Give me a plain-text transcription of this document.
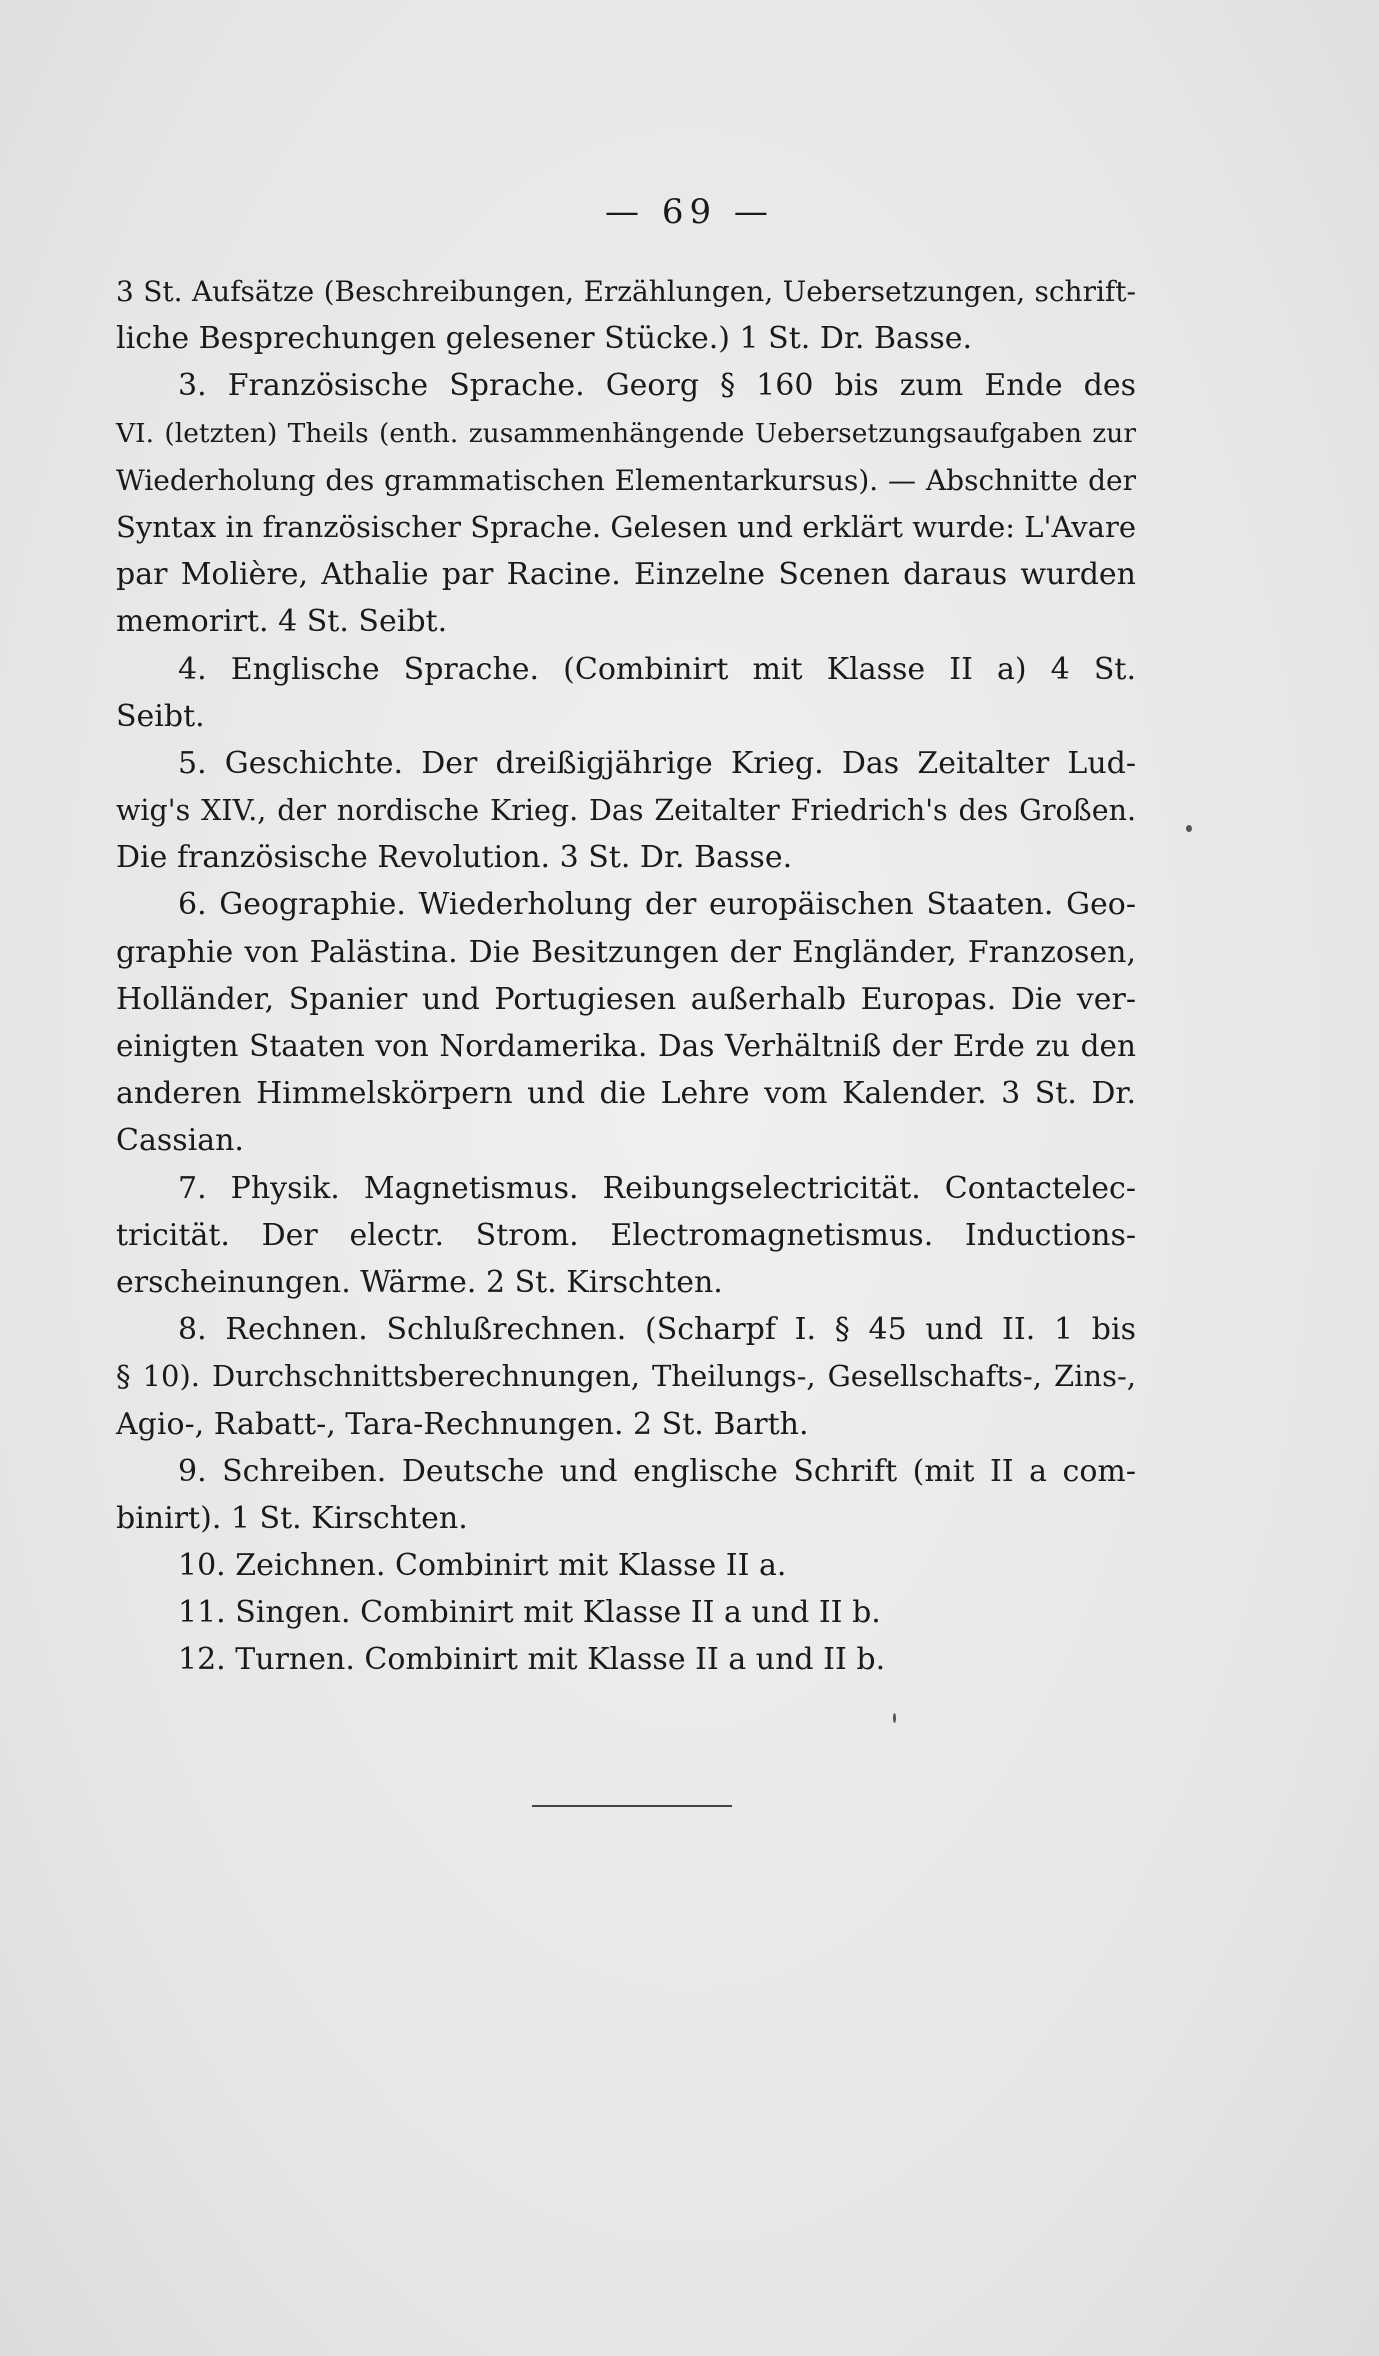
— 69 —
3 St. Aufsätze (Beschreibungen, Erzählungen, Uebersetzungen, schrift-
liche Besprechungen gelesener Stücke.) 1 St. Dr. Basse.
3. Französische Sprache. Georg § 160 bis zum Ende des
VI. (letzten) Theils (enth. zusammenhängende Uebersetzungsaufgaben zur
Wiederholung des grammatischen Elementarkursus). — Abschnitte der
Syntax in französischer Sprache. Gelesen und erklärt wurde: L'Avare
par Molière, Athalie par Racine. Einzelne Scenen daraus wurden
memorirt. 4 St. Seibt.
4. Englische Sprache. (Combinirt mit Klasse II a) 4 St.
Seibt.
5. Geschichte. Der dreißigjährige Krieg. Das Zeitalter Lud-
wig's XIV., der nordische Krieg. Das Zeitalter Friedrich's des Großen.
Die französische Revolution. 3 St. Dr. Basse.
6. Geographie. Wiederholung der europäischen Staaten. Geo-
graphie von Palästina. Die Besitzungen der Engländer, Franzosen,
Holländer, Spanier und Portugiesen außerhalb Europas. Die ver-
einigten Staaten von Nordamerika. Das Verhältniß der Erde zu den
anderen Himmelskörpern und die Lehre vom Kalender. 3 St. Dr.
Cassian.
7. Physik. Magnetismus. Reibungselectricität. Contactelec-
tricität. Der electr. Strom. Electromagnetismus. Inductions-
erscheinungen. Wärme. 2 St. Kirschten.
8. Rechnen. Schlußrechnen. (Scharpf I. § 45 und II. 1 bis
§ 10). Durchschnittsberechnungen, Theilungs-, Gesellschafts-, Zins-,
Agio-, Rabatt-, Tara-Rechnungen. 2 St. Barth.
9. Schreiben. Deutsche und englische Schrift (mit II a com-
binirt). 1 St. Kirschten.
10. Zeichnen. Combinirt mit Klasse II a.
11. Singen. Combinirt mit Klasse II a und II b.
12. Turnen. Combinirt mit Klasse II a und II b.
